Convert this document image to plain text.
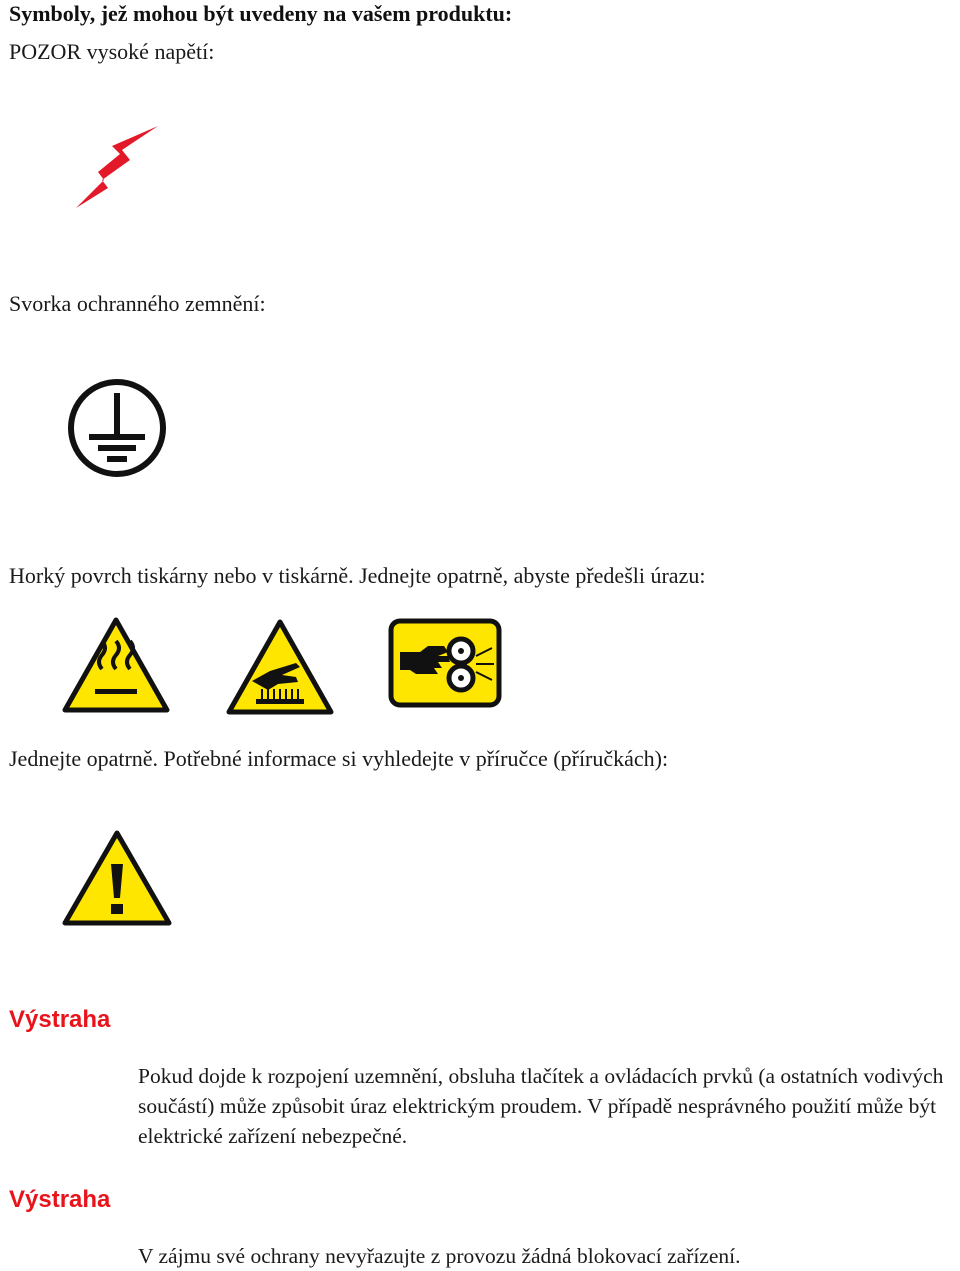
Symboly, jež mohou být uvedeny na vašem produktu:
POZOR vysoké napětí:
Svorka ochranného zemnění:
Horký povrch tiskárny nebo v tiskárně. Jednejte opatrně, abyste předešli úrazu:
Jednejte opatrně. Potřebné informace si vyhledejte v příručce (příručkách):
Výstraha
Pokud dojde k rozpojení uzemnění, obsluha tlačítek a ovládacích prvků (a ostatních vodivých součástí) může způsobit úraz elektrickým proudem. V případě nesprávného použití může být elektrické zařízení nebezpečné.
Výstraha
V zájmu své ochrany nevyřazujte z provozu žádná blokovací zařízení.
